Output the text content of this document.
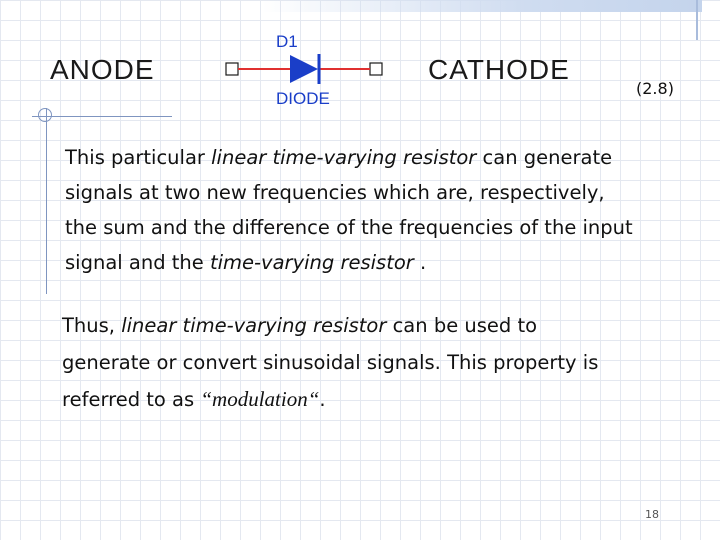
ANODE	CATHODE
D1
DIODE
(2.8)

This particular linear time-varying resistor can generate
signals at two new frequencies which are, respectively,
the sum and the difference of the frequencies of the input
signal and the time-varying resistor .

Thus, linear time-varying resistor can be used to
generate or convert sinusoidal signals. This property is
referred to as “modulation“.

18
